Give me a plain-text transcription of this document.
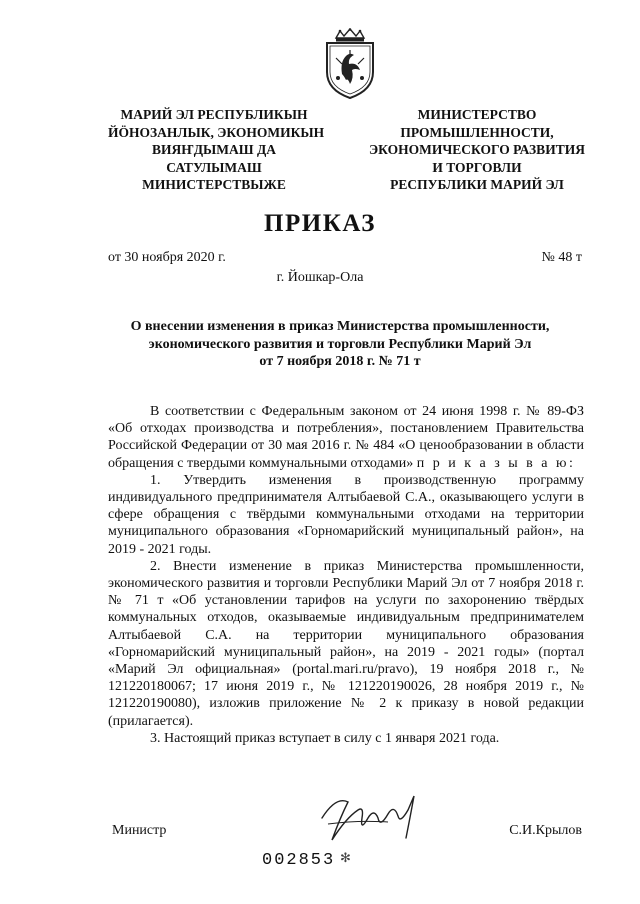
МАРИЙ ЭЛ РЕСПУБЛИКЫН
ЙӦНОЗАНЛЫК, ЭКОНОМИКЫН
ВИЯҤДЫМАШ ДА
САТУЛЫМАШ
МИНИСТЕРСТВЫЖЕ
МИНИСТЕРСТВО
ПРОМЫШЛЕННОСТИ,
ЭКОНОМИЧЕСКОГО РАЗВИТИЯ
И ТОРГОВЛИ
РЕСПУБЛИКИ МАРИЙ ЭЛ
ПРИКАЗ
от 30 ноября 2020 г.	№ 48 т
г. Йошкар-Ола
О внесении изменения в приказ Министерства промышленности,
экономического развития и торговли Республики Марий Эл
от 7 ноября 2018 г. № 71 т

В соответствии с Федеральным законом от 24 июня 1998 г. № 89-ФЗ «Об отходах производства и потребления», постановлением Правительства Российской Федерации от 30 мая 2016 г. № 484 «О ценообразовании в области обращения с твердыми коммунальными отходами» п р и к а з ы в а ю:

1. Утвердить изменения в производственную программу индивидуального предпринимателя Алтыбаевой С.А., оказывающего услуги в сфере обращения с твёрдыми коммунальными отходами на территории муниципального образования «Горномарийский муниципальный район», на 2019 - 2021 годы.

2. Внести изменение в приказ Министерства промышленности, экономического развития и торговли Республики Марий Эл от 7 ноября 2018 г. № 71 т «Об установлении тарифов на услуги по захоронению твёрдых коммунальных отходов, оказываемые индивидуальным предпринимателем Алтыбаевой С.А. на территории муниципального образования «Горномарийский муниципальный район», на 2019 - 2021 годы» (портал «Марий Эл официальная» (portal.mari.ru/pravo), 19 ноября 2018 г., № 121220180067; 17 июня 2019 г., № 121220190026, 28 ноября 2019 г., № 121220190080), изложив приложение № 2 к приказу в новой редакции (прилагается).

3. Настоящий приказ вступает в силу с 1 января 2021 года.

Министр	С.И.Крылов
002853 ✻
